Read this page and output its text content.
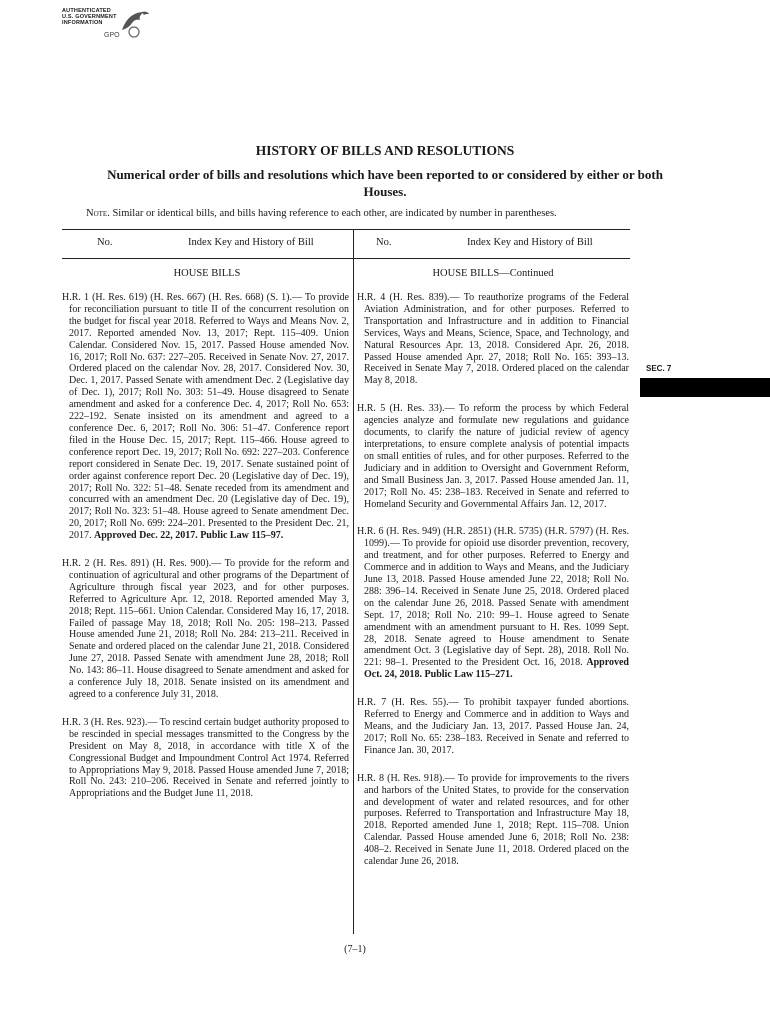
AUTHENTICATED
U.S. GOVERNMENT
INFORMATION
GPO
HISTORY OF BILLS AND RESOLUTIONS
Numerical order of bills and resolutions which have been reported to or considered by either or both Houses.
Note. Similar or identical bills, and bills having reference to each other, are indicated by number in parentheses.
No.	Index Key and History of Bill	No.	Index Key and History of Bill
HOUSE BILLS	HOUSE BILLS—Continued

H.R. 1 (H. Res. 619) (H. Res. 667) (H. Res. 668) (S. 1).— To provide for reconciliation pursuant to title II of the concurrent resolution on the budget for fiscal year 2018. Referred to Ways and Means Nov. 2, 2017. Reported amended Nov. 13, 2017; Rept. 115–409. Union Calendar. Considered Nov. 15, 2017. Passed House amended Nov. 16, 2017; Roll No. 637: 227–205. Received in Senate Nov. 27, 2017. Ordered placed on the calendar Nov. 28, 2017. Considered Nov. 30, Dec. 1, 2017. Passed Senate with amendment Dec. 2 (Legislative day of Dec. 1), 2017; Roll No. 303: 51–49. House disagreed to Senate amendment and asked for a conference Dec. 4, 2017; Roll No. 653: 222–192. Senate insisted on its amendment and agreed to a conference Dec. 6, 2017; Roll No. 306: 51–47. Conference report filed in the House Dec. 15, 2017; Rept. 115–466. House agreed to conference report Dec. 19, 2017; Roll No. 692: 227–203. Conference report considered in Senate Dec. 19, 2017. Senate sustained point of order against conference report Dec. 20 (Legislative day of Dec. 19), 2017; Roll No. 322: 51–48. Senate receded from its amendment and concurred with an amendment Dec. 20 (Legislative day of Dec. 19), 2017; Roll No. 323: 51–48. House agreed to Senate amendment Dec. 20, 2017; Roll No. 699: 224–201. Presented to the President Dec. 21, 2017. Approved Dec. 22, 2017. Public Law 115–97.

H.R. 2 (H. Res. 891) (H. Res. 900).— To provide for the reform and continuation of agricultural and other programs of the Department of Agriculture through fiscal year 2023, and for other purposes. Referred to Agriculture Apr. 12, 2018. Reported amended May 3, 2018; Rept. 115–661. Union Calendar. Considered May 16, 17, 2018. Failed of passage May 18, 2018; Roll No. 205: 198–213. Passed House amended June 21, 2018; Roll No. 284: 213–211. Received in Senate and ordered placed on the calendar June 21, 2018. Considered June 27, 2018. Passed Senate with amendment June 28, 2018; Roll No. 143: 86–11. House disagreed to Senate amendment and asked for a conference July 18, 2018. Senate insisted on its amendment and agreed to a conference July 31, 2018.

H.R. 3 (H. Res. 923).— To rescind certain budget authority proposed to be rescinded in special messages transmitted to the Congress by the President on May 8, 2018, in accordance with title X of the Congressional Budget and Impoundment Control Act 1974. Referred to Appropriations May 9, 2018. Passed House amended June 7, 2018; Roll No. 243: 210–206. Received in Senate and referred jointly to Appropriations and the Budget June 11, 2018.

H.R. 4 (H. Res. 839).— To reauthorize programs of the Federal Aviation Administration, and for other purposes. Referred to Transportation and Infrastructure and in addition to Financial Services, Ways and Means, Science, Space, and Technology, and Natural Resources Apr. 13, 2018. Considered Apr. 26, 2018. Passed House amended Apr. 27, 2018; Roll No. 165: 393–13. Received in Senate May 7, 2018. Ordered placed on the calendar May 8, 2018.

H.R. 5 (H. Res. 33).— To reform the process by which Federal agencies analyze and formulate new regulations and guidance documents, to clarify the nature of judicial review of agency interpretations, to ensure complete analysis of potential impacts on small entities of rules, and for other purposes. Referred to the Judiciary and in addition to Oversight and Government Reform, and Small Business Jan. 3, 2017. Passed House amended Jan. 11, 2017; Roll No. 45: 238–183. Received in Senate and referred to Homeland Security and Governmental Affairs Jan. 12, 2017.

H.R. 6 (H. Res. 949) (H.R. 2851) (H.R. 5735) (H.R. 5797) (H. Res. 1099).— To provide for opioid use disorder prevention, recovery, and treatment, and for other purposes. Referred to Energy and Commerce and in addition to Ways and Means, and the Judiciary June 13, 2018. Passed House amended June 22, 2018; Roll No. 288: 396–14. Received in Senate June 25, 2018. Ordered placed on the calendar June 26, 2018. Passed Senate with amendment Sept. 17, 2018; Roll No. 210: 99–1. House agreed to Senate amendment with an amendment pursuant to H. Res. 1099 Sept. 28, 2018. Senate agreed to House amendment to Senate amendment Oct. 3 (Legislative day of Sept. 28), 2018. Roll No. 221: 98–1. Presented to the President Oct. 16, 2018. Approved Oct. 24, 2018. Public Law 115–271.

H.R. 7 (H. Res. 55).— To prohibit taxpayer funded abortions. Referred to Energy and Commerce and in addition to Ways and Means, and the Judiciary Jan. 13, 2017. Passed House Jan. 24, 2017; Roll No. 65: 238–183. Received in Senate and referred to Finance Jan. 30, 2017.

H.R. 8 (H. Res. 918).— To provide for improvements to the rivers and harbors of the United States, to provide for the conservation and development of water and related resources, and for other purposes. Referred to Transportation and Infrastructure May 18, 2018. Reported amended June 1, 2018; Rept. 115–708. Union Calendar. Passed House amended June 6, 2018; Roll No. 238: 408–2. Received in Senate June 11, 2018. Ordered placed on the calendar June 26, 2018.

SEC. 7
(7–1)
